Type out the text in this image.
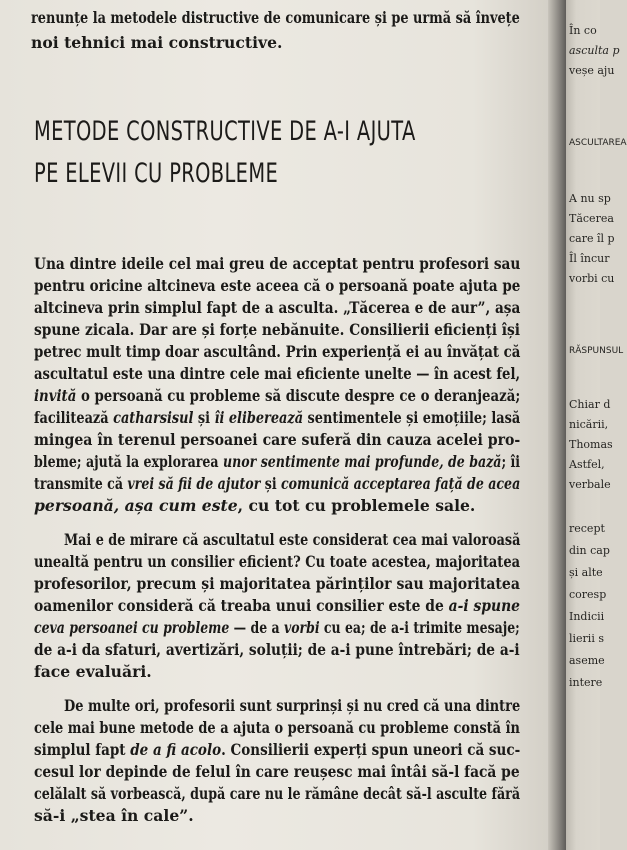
renunțe la metodele distructive de comunicare și pe urmă să învețe
noi tehnici mai constructive.
METODE CONSTRUCTIVE DE A-I AJUTA
PE ELEVII CU PROBLEME
Una dintre ideile cel mai greu de acceptat pentru profesori sau
pentru oricine altcineva este aceea că o persoană poate ajuta pe
altcineva prin simplul fapt de a asculta. „Tăcerea e de aur”, așa
spune zicala. Dar are și forțe nebănuite. Consilierii eficienți își
petrec mult timp doar ascultând. Prin experiență ei au învățat că
ascultatul este una dintre cele mai eficiente unelte — în acest fel,
invită o persoană cu probleme să discute despre ce o deranjează;
facilitează catharsisul și îi eliberează sentimentele și emoțiile; lasă
mingea în terenul persoanei care suferă din cauza acelei pro-
bleme; ajută la explorarea unor sentimente mai profunde, de bază; îi
transmite că vrei să fii de ajutor și comunică acceptarea față de acea
persoană, așa cum este, cu tot cu problemele sale.
Mai e de mirare că ascultatul este considerat cea mai valoroasă
unealtă pentru un consilier eficient? Cu toate acestea, majoritatea
profesorilor, precum și majoritatea părinților sau majoritatea
oamenilor consideră că treaba unui consilier este de a-i spune
ceva persoanei cu probleme — de a vorbi cu ea; de a-i trimite mesaje;
de a-i da sfaturi, avertizări, soluții; de a-i pune întrebări; de a-i
face evaluări.
De multe ori, profesorii sunt surprinși și nu cred că una dintre
cele mai bune metode de a ajuta o persoană cu probleme constă în
simplul fapt de a fi acolo. Consilierii experți spun uneori că suc-
cesul lor depinde de felul în care reușesc mai întâi să-l facă pe
celălalt să vorbească, după care nu le rămâne decât să-l asculte fără
să-i „stea în cale”.
În co
asculta p
veșe aju
ASCULTAREA
A nu sp
Tăcerea
care îl p
Îl încur
vorbi cu
RĂSPUNSUL
Chiar d
nicării,
Thomas
Astfel,
verbale
recept
din cap
și alte
coresp
Indicii
lierii s
aseme
intere
